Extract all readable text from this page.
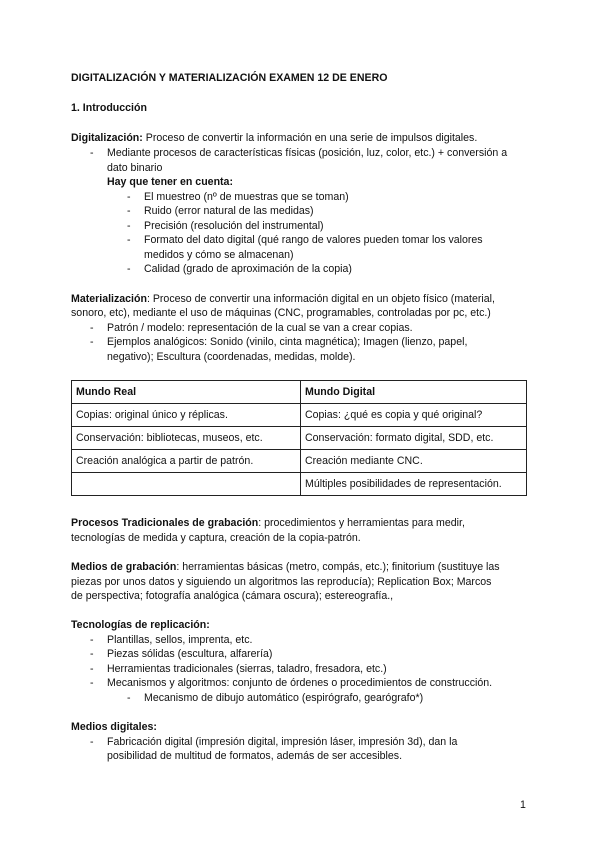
DIGITALIZACIÓN Y MATERIALIZACIÓN EXAMEN 12 DE ENERO
1. Introducción
Digitalización: Proceso de convertir la información en una serie de impulsos digitales.
- Mediante procesos de características físicas (posición, luz, color, etc.) + conversión a
dato binario
Hay que tener en cuenta:
- El muestreo (nº de muestras que se toman)
- Ruido (error natural de las medidas)
- Precisión (resolución del instrumental)
- Formato del dato digital (qué rango de valores pueden tomar los valores
medidos y cómo se almacenan)
- Calidad (grado de aproximación de la copia)
Materialización: Proceso de convertir una información digital en un objeto físico (material,
sonoro, etc), mediante el uso de máquinas (CNC, programables, controladas por pc, etc.)
- Patrón / modelo: representación de la cual se van a crear copias.
- Ejemplos analógicos: Sonido (vinilo, cinta magnética); Imagen (lienzo, papel,
negativo); Escultura (coordenadas, medidas, molde).
Mundo Real	Mundo Digital
Copias: original único y réplicas.	Copias: ¿qué es copia y qué original?
Conservación: bibliotecas, museos, etc.	Conservación: formato digital, SDD, etc.
Creación analógica a partir de patrón.	Creación mediante CNC.
	Múltiples posibilidades de representación.
Procesos Tradicionales de grabación: procedimientos y herramientas para medir,
tecnologías de medida y captura, creación de la copia-patrón.
Medios de grabación: herramientas básicas (metro, compás, etc.); finitorium (sustituye las
piezas por unos datos y siguiendo un algoritmos las reproducía); Replication Box; Marcos
de perspectiva; fotografía analógica (cámara oscura); estereografía.,
Tecnologías de replicación:
- Plantillas, sellos, imprenta, etc.
- Piezas sólidas (escultura, alfarería)
- Herramientas tradicionales (sierras, taladro, fresadora, etc.)
- Mecanismos y algoritmos: conjunto de órdenes o procedimientos de construcción.
- Mecanismo de dibujo automático (espirógrafo, gearógrafo*)
Medios digitales:
- Fabricación digital (impresión digital, impresión láser, impresión 3d), dan la
posibilidad de multitud de formatos, además de ser accesibles.
1
